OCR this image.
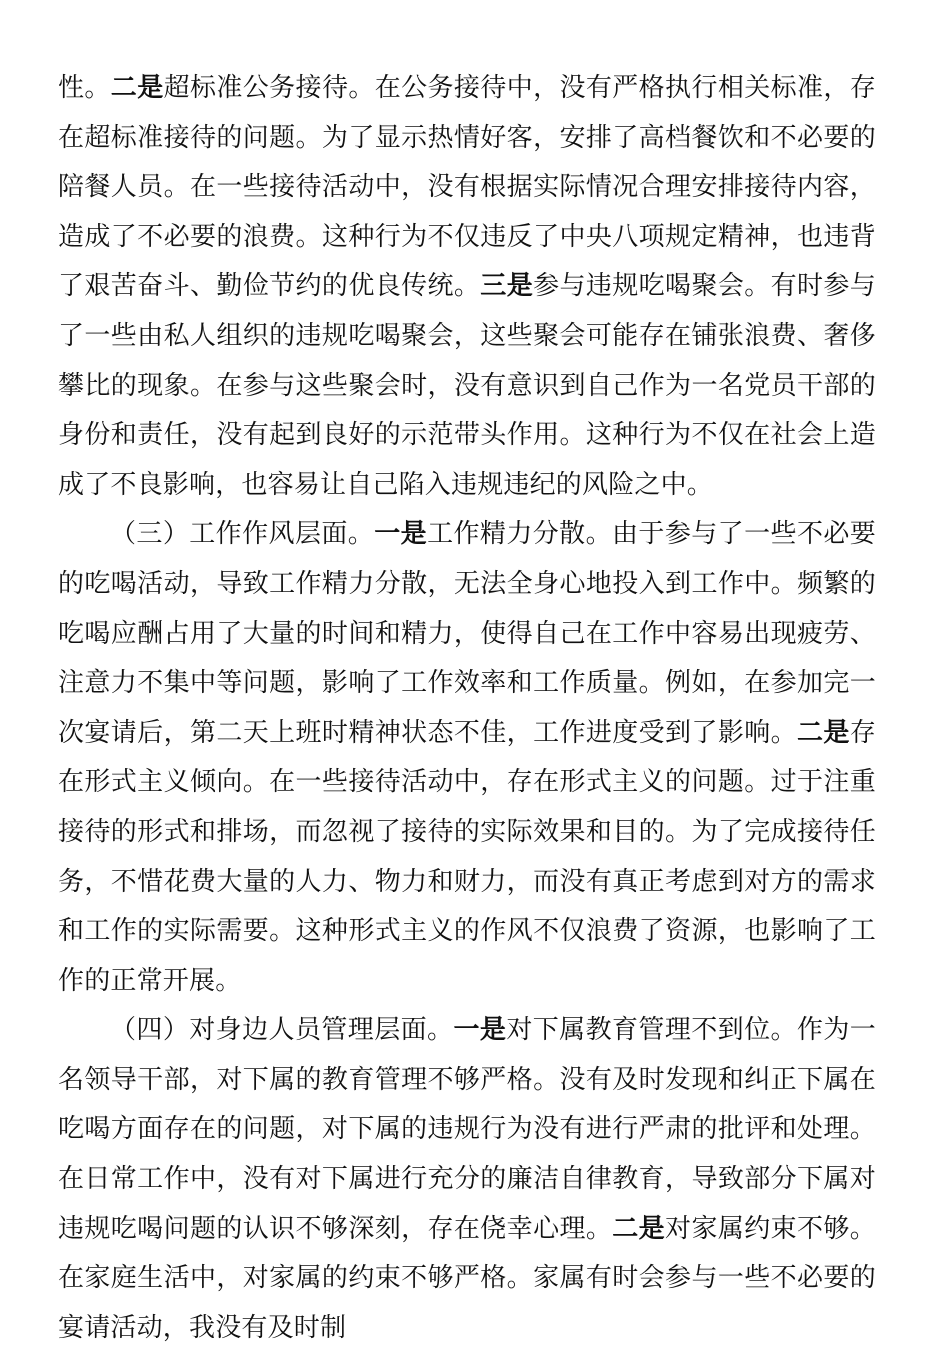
性。二是超标准公务接待。在公务接待中，没有严格执行相关标准，存在超标准接待的问题。为了显示热情好客，安排了高档餐饮和不必要的陪餐人员。在一些接待活动中，没有根据实际情况合理安排接待内容，造成了不必要的浪费。这种行为不仅违反了中央八项规定精神，也违背了艰苦奋斗、勤俭节约的优良传统。三是参与违规吃喝聚会。有时参与了一些由私人组织的违规吃喝聚会，这些聚会可能存在铺张浪费、奢侈攀比的现象。在参与这些聚会时，没有意识到自己作为一名党员干部的身份和责任，没有起到良好的示范带头作用。这种行为不仅在社会上造成了不良影响，也容易让自己陷入违规违纪的风险之中。

（三）工作作风层面。一是工作精力分散。由于参与了一些不必要的吃喝活动，导致工作精力分散，无法全身心地投入到工作中。频繁的吃喝应酬占用了大量的时间和精力，使得自己在工作中容易出现疲劳、注意力不集中等问题，影响了工作效率和工作质量。例如，在参加完一次宴请后，第二天上班时精神状态不佳，工作进度受到了影响。二是存在形式主义倾向。在一些接待活动中，存在形式主义的问题。过于注重接待的形式和排场，而忽视了接待的实际效果和目的。为了完成接待任务，不惜花费大量的人力、物力和财力，而没有真正考虑到对方的需求和工作的实际需要。这种形式主义的作风不仅浪费了资源，也影响了工作的正常开展。

（四）对身边人员管理层面。一是对下属教育管理不到位。作为一名领导干部，对下属的教育管理不够严格。没有及时发现和纠正下属在吃喝方面存在的问题，对下属的违规行为没有进行严肃的批评和处理。在日常工作中，没有对下属进行充分的廉洁自律教育，导致部分下属对违规吃喝问题的认识不够深刻，存在侥幸心理。二是对家属约束不够。在家庭生活中，对家属的约束不够严格。家属有时会参与一些不必要的宴请活动，我没有及时制
